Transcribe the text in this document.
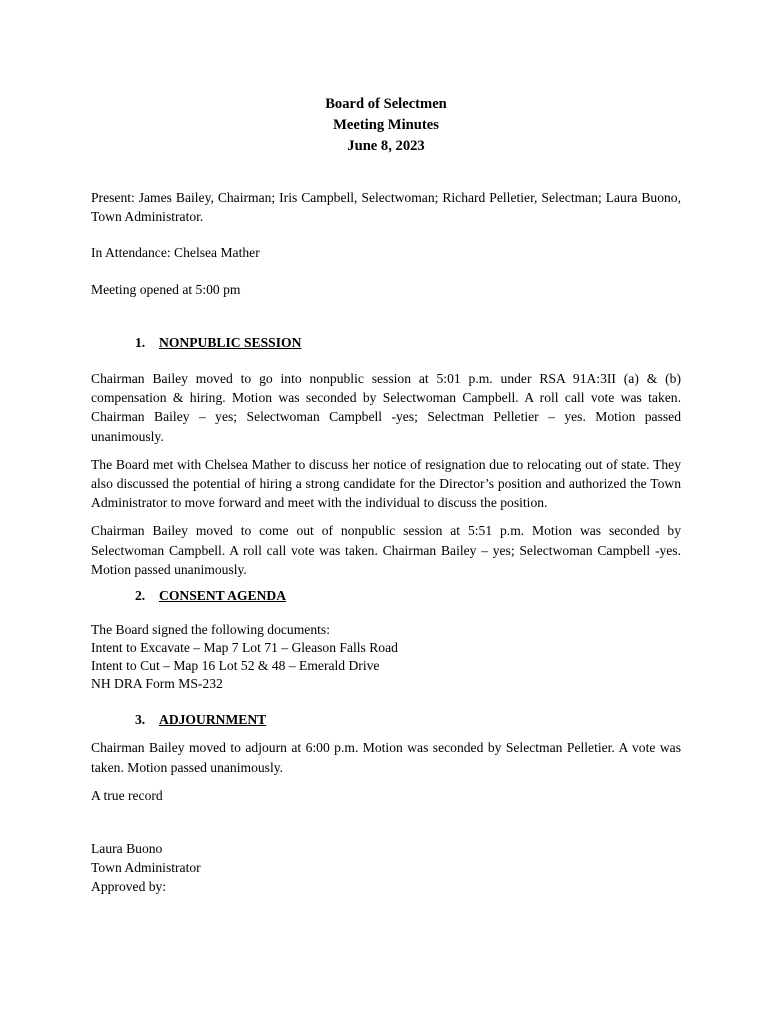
Board of Selectmen

Meeting Minutes

June 8, 2023

Present: James Bailey, Chairman; Iris Campbell, Selectwoman; Richard Pelletier, Selectman; Laura Buono, Town Administrator.

In Attendance: Chelsea Mather

Meeting opened at 5:00 pm

1. NONPUBLIC SESSION

Chairman Bailey moved to go into nonpublic session at 5:01 p.m. under RSA 91A:3II (a) & (b) compensation & hiring. Motion was seconded by Selectwoman Campbell. A roll call vote was taken. Chairman Bailey – yes; Selectwoman Campbell -yes; Selectman Pelletier – yes. Motion passed unanimously.

The Board met with Chelsea Mather to discuss her notice of resignation due to relocating out of state. They also discussed the potential of hiring a strong candidate for the Director’s position and authorized the Town Administrator to move forward and meet with the individual to discuss the position.

Chairman Bailey moved to come out of nonpublic session at 5:51 p.m. Motion was seconded by Selectwoman Campbell. A roll call vote was taken. Chairman Bailey – yes; Selectwoman Campbell -yes. Motion passed unanimously.

2. CONSENT AGENDA

The Board signed the following documents:

Intent to Excavate – Map 7 Lot 71 – Gleason Falls Road

Intent to Cut – Map 16 Lot 52 & 48 – Emerald Drive

NH DRA Form MS-232

3. ADJOURNMENT

Chairman Bailey moved to adjourn at 6:00 p.m. Motion was seconded by Selectman Pelletier. A vote was taken. Motion passed unanimously.

A true record

Laura Buono

Town Administrator

Approved by:
